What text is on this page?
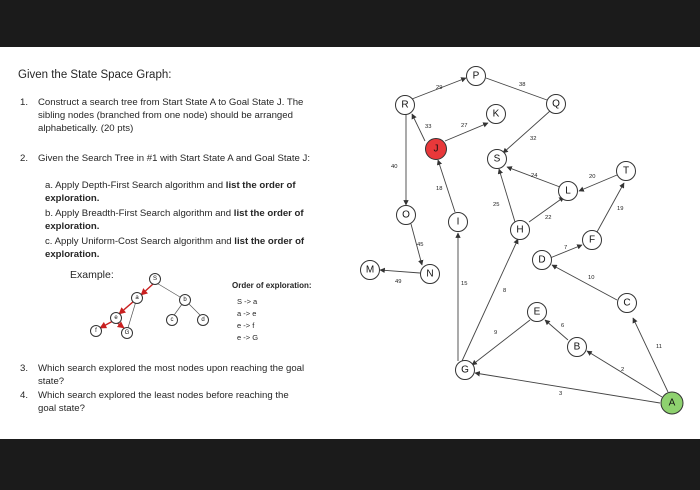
Given the State Space Graph:
1. Construct a search tree from Start State A to Goal State J. The
sibling nodes (branched from one node) should be arranged
alphabetically. (20 pts)
2. Given the Search Tree in #1 with Start State A and Goal State J:
a. Apply Depth-First Search algorithm and list the order of
exploration.
b. Apply Breadth-First Search algorithm and list the order of
exploration.
c. Apply Uniform-Cost Search algorithm and list the order of
exploration.
Example:	S
a	b
c	d
e
G
f
Order of exploration:
S -> a
a -> e
e -> f
e -> G
3. Which search explored the most nodes upon reaching the goal
state?
4. Which search explored the least nodes before reaching the
goal state?
29	38
33	27
32
40
18
24	20
19
25
22
45	7
49	15
10
8
6
9
11
2
3
P
R
K
Q
J
S
T
L
O
I
H
F
D
M	N
E
C
B
G
A
